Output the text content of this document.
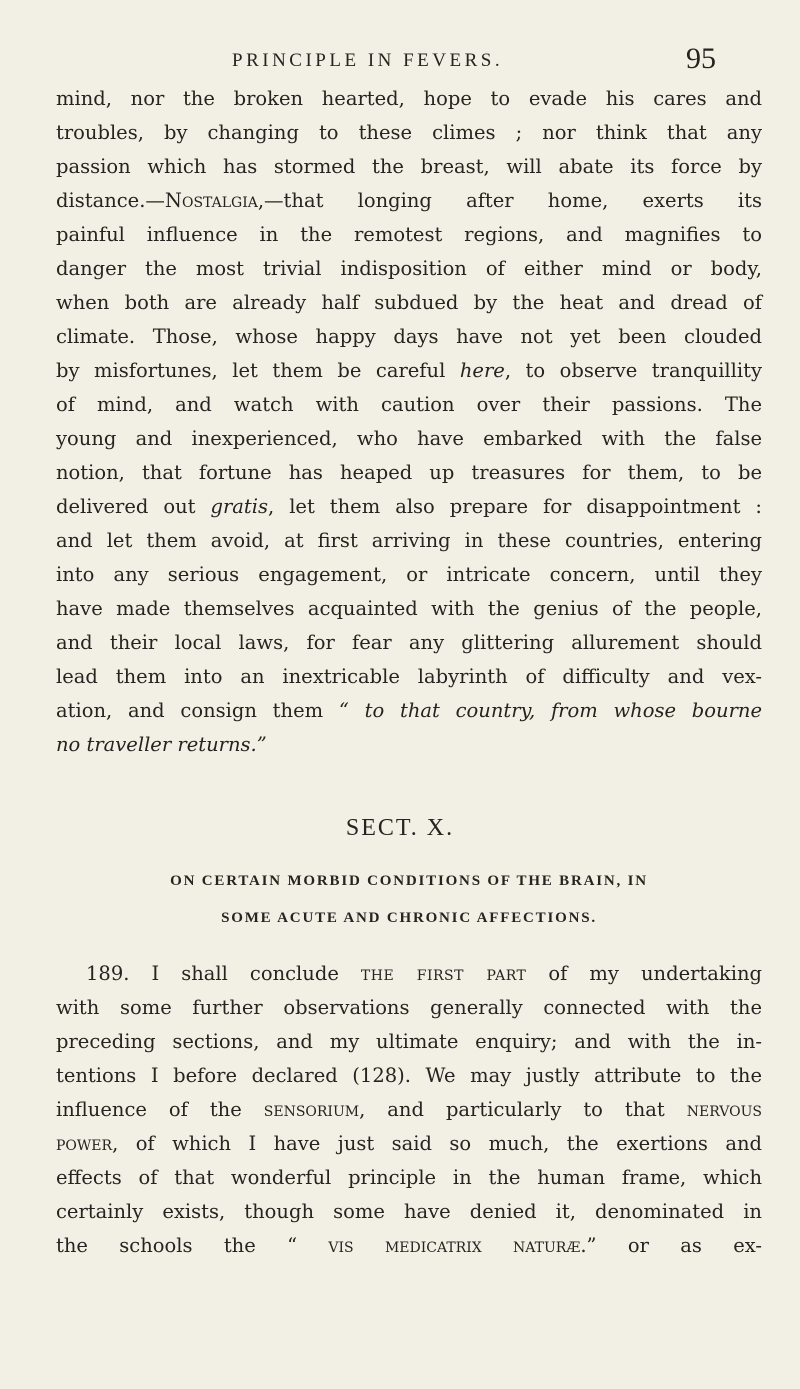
PRINCIPLE IN FEVERS.	95
mind, nor the broken hearted, hope to evade his cares and
troubles, by changing to these climes ; nor think that any
passion which has stormed the breast, will abate its force by
distance.—Nostalgia,—that longing after home, exerts its
painful influence in the remotest regions, and magnifies to
danger the most trivial indisposition of either mind or body,
when both are already half subdued by the heat and dread of
climate. Those, whose happy days have not yet been clouded
by misfortunes, let them be careful here, to observe tranquillity
of mind, and watch with caution over their passions. The
young and inexperienced, who have embarked with the false
notion, that fortune has heaped up treasures for them, to be
delivered out gratis, let them also prepare for disappointment :
and let them avoid, at first arriving in these countries, entering
into any serious engagement, or intricate concern, until they
have made themselves acquainted with the genius of the people,
and their local laws, for fear any glittering allurement should
lead them into an inextricable labyrinth of difficulty and vex-
ation, and consign them “ to that country, from whose bourne
no traveller returns.”
SECT. X.
ON CERTAIN MORBID CONDITIONS OF THE BRAIN, IN
SOME ACUTE AND CHRONIC AFFECTIONS.
189. I shall conclude the first part of my undertaking
with some further observations generally connected with the
preceding sections, and my ultimate enquiry; and with the in-
tentions I before declared (128). We may justly attribute to the
influence of the sensorium, and particularly to that nervous
power, of which I have just said so much, the exertions and
effects of that wonderful principle in the human frame, which
certainly exists, though some have denied it, denominated in
the schools the “ vis medicatrix naturæ.” or as ex-
